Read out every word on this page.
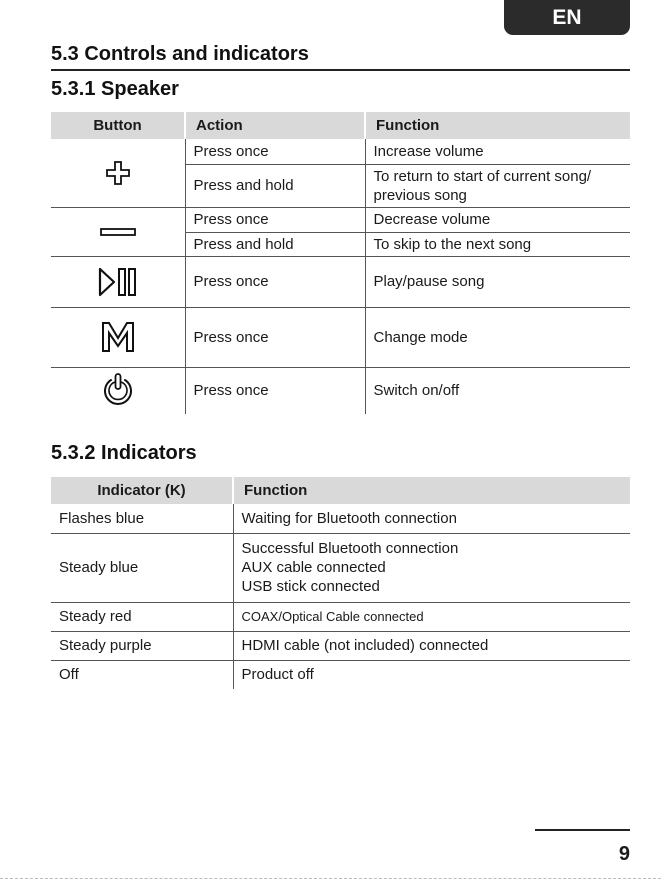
EN
5.3 Controls and indicators
5.3.1 Speaker
Button	Action	Function
	Press once	Increase volume
	Press and hold	To return to start of current song/ previous song
	Press once	Decrease volume
	Press and hold	To skip to the next song
	Press once	Play/pause song
	Press once	Change mode
	Press once	Switch on/off
5.3.2 Indicators
Indicator (K)	Function
Flashes blue	Waiting for Bluetooth connection
Steady blue	Successful Bluetooth connection
AUX cable connected
USB stick connected

Steady red	COAX/Optical Cable connected
Steady purple	HDMI cable (not included) connected
Off	Product off
9
